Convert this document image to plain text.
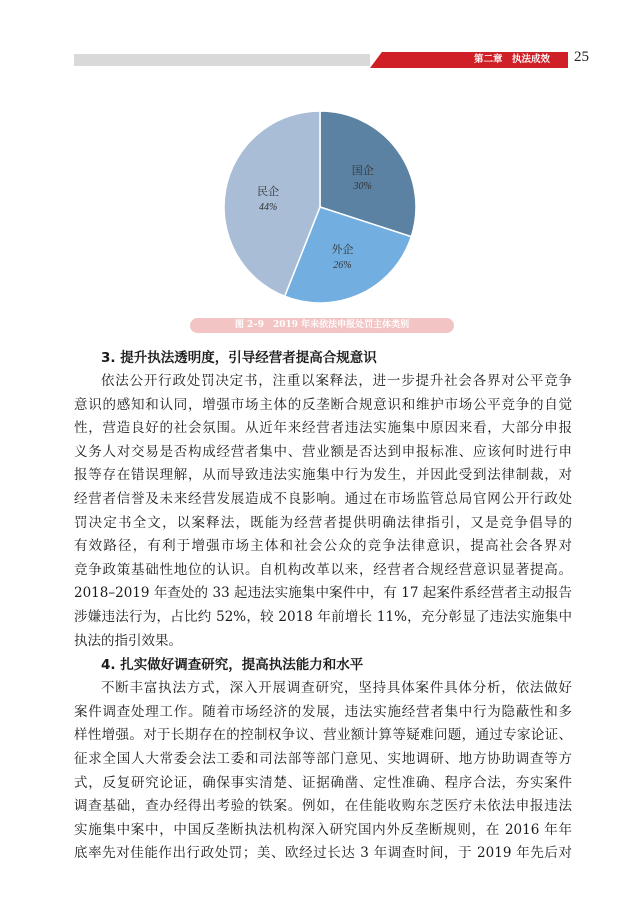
第二章　执法成效 25
国企
30%
外企
26%
民企
44%
图 2–9　2019 年未依法申报处罚主体类别
3. 提升执法透明度，引导经营者提高合规意识
依法公开行政处罚决定书，注重以案释法，进一步提升社会各界对公平竞争
意识的感知和认同，增强市场主体的反垄断合规意识和维护市场公平竞争的自觉
性，营造良好的社会氛围。从近年来经营者违法实施集中原因来看，大部分申报
义务人对交易是否构成经营者集中、营业额是否达到申报标准、应该何时进行申
报等存在错误理解，从而导致违法实施集中行为发生，并因此受到法律制裁，对
经营者信誉及未来经营发展造成不良影响。通过在市场监管总局官网公开行政处
罚决定书全文，以案释法，既能为经营者提供明确法律指引，又是竞争倡导的
有效路径，有利于增强市场主体和社会公众的竞争法律意识，提高社会各界对
竞争政策基础性地位的认识。自机构改革以来，经营者合规经营意识显著提高。
2018–2019 年查处的 33 起违法实施集中案件中，有 17 起案件系经营者主动报告
涉嫌违法行为，占比约 52%，较 2018 年前增长 11%，充分彰显了违法实施集中
执法的指引效果。
4. 扎实做好调查研究，提高执法能力和水平
不断丰富执法方式，深入开展调查研究，坚持具体案件具体分析，依法做好
案件调查处理工作。随着市场经济的发展，违法实施经营者集中行为隐蔽性和多
样性增强。对于长期存在的控制权争议、营业额计算等疑难问题，通过专家论证、
征求全国人大常委会法工委和司法部等部门意见、实地调研、地方协助调查等方
式，反复研究论证，确保事实清楚、证据确凿、定性准确、程序合法，夯实案件
调查基础，查办经得出考验的铁案。例如，在佳能收购东芝医疗未依法申报违法
实施集中案中，中国反垄断执法机构深入研究国内外反垄断规则，在 2016 年年
底率先对佳能作出行政处罚；美、欧经过长达 3 年调查时间，于 2019 年先后对
